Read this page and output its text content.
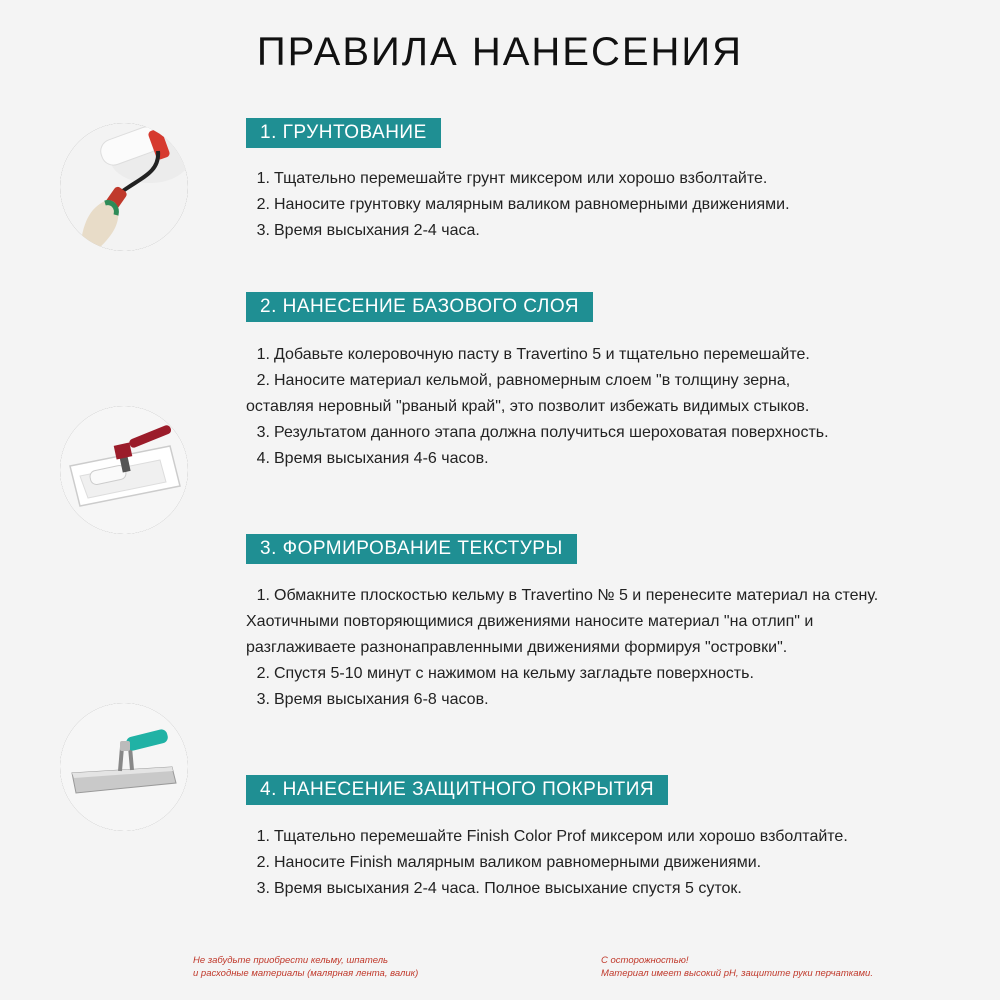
ПРАВИЛА НАНЕСЕНИЯ
1. ГРУНТОВАНИЕ
1. Тщательно перемешайте грунт миксером или хорошо взболтайте.
2. Наносите грунтовку малярным валиком равномерными движениями.
3. Время высыхания 2-4 часа.
2. НАНЕСЕНИЕ БАЗОВОГО СЛОЯ
1. Добавьте колеровочную пасту в Travertino 5 и тщательно перемешайте.
2. Наносите материал кельмой, равномерным слоем "в толщину зерна,
оставляя неровный "рваный край", это позволит избежать видимых стыков.
3. Результатом данного этапа должна получиться шероховатая поверхность.
4. Время высыхания 4-6 часов.
3. ФОРМИРОВАНИЕ ТЕКСТУРЫ
1. Обмакните плоскостью кельму в Travertino № 5 и перенесите материал на стену.
Хаотичными повторяющимися движениями наносите материал "на отлип" и
разглаживаете разнонаправленными движениями формируя "островки".
2. Спустя 5-10 минут с нажимом на кельму загладьте поверхность.
3. Время высыхания 6-8 часов.
4. НАНЕСЕНИЕ ЗАЩИТНОГО ПОКРЫТИЯ
1. Тщательно перемешайте Finish Color Prof миксером или хорошо взболтайте.
2. Наносите Finish малярным валиком равномерными движениями.
3. Время высыхания 2-4 часа. Полное высыхание спустя 5 суток.
Не забудьте приобрести кельму, шпатель
и расходные материалы (малярная лента, валик)
С осторожностью!
Материал имеет высокий pH, защитите руки перчатками.
